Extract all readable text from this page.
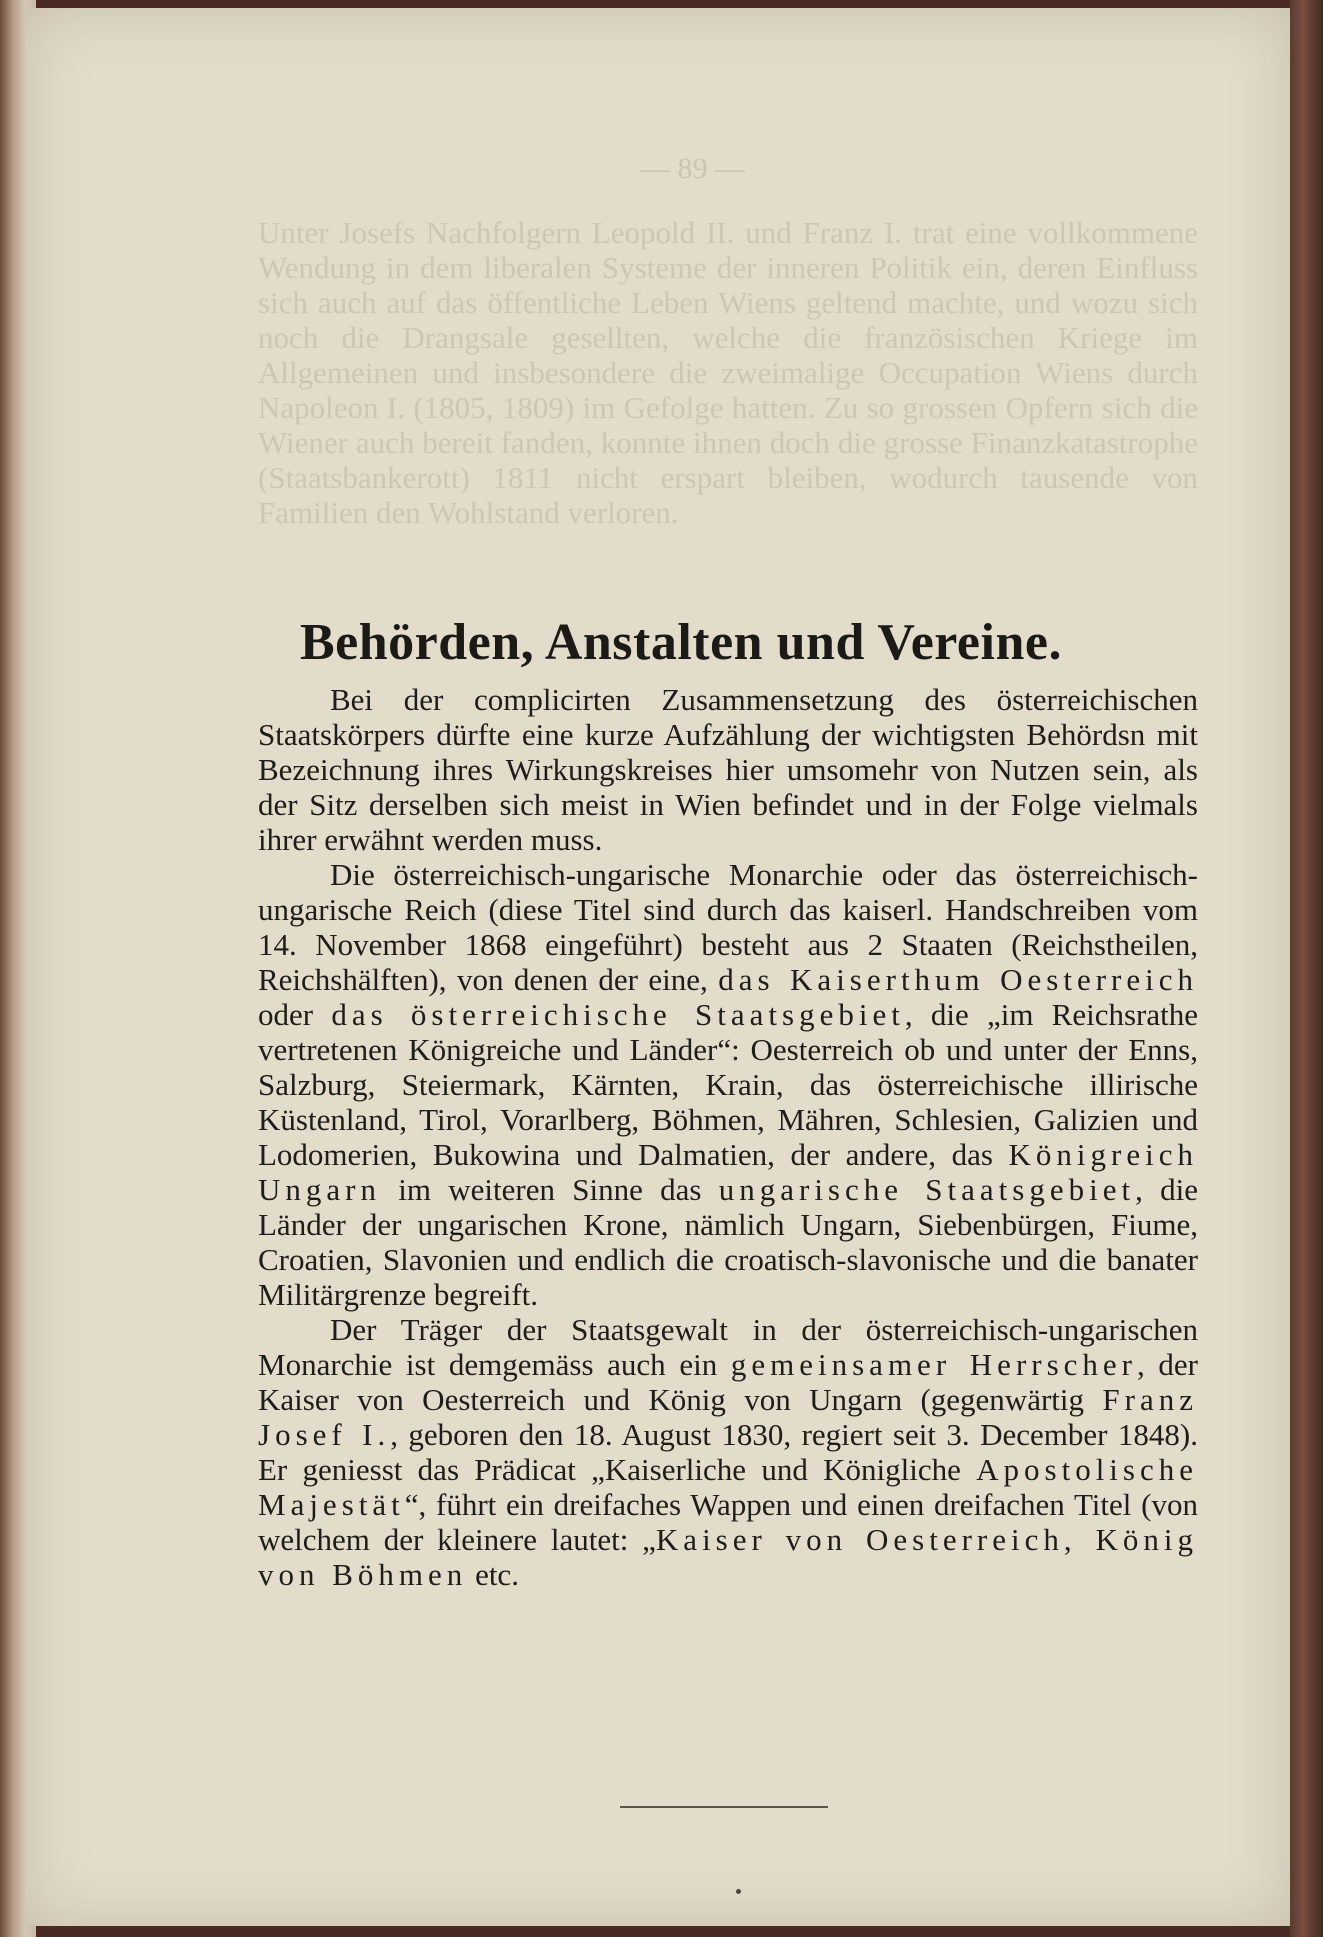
— 89 —
Unter Josefs Nachfolgern Leopold II. und Franz I. trat eine vollkommene Wendung in dem liberalen Systeme der inneren Politik ein, deren Einfluss sich auch auf das öffentliche Leben Wiens geltend machte, und wozu sich noch die Drangsale gesellten, welche die französischen Kriege im Allgemeinen und insbesondere die zweimalige Occupation Wiens durch Napoleon I. (1805, 1809) im Gefolge hatten. Zu so grossen Opfern sich die Wiener auch bereit fanden, konnte ihnen doch die grosse Finanzkatastrophe (Staatsbankerott) 1811 nicht erspart bleiben, wodurch tausende von Familien den Wohlstand verloren.
Behörden, Anstalten und Vereine.

Bei der complicirten Zusammensetzung des österreichischen Staatskörpers dürfte eine kurze Aufzählung der wichtigsten Behördsn mit Bezeichnung ihres Wirkungskreises hier umsomehr von Nutzen sein, als der Sitz derselben sich meist in Wien befindet und in der Folge vielmals ihrer erwähnt werden muss.

Die österreichisch-ungarische Monarchie oder das österreichisch-ungarische Reich (diese Titel sind durch das kaiserl. Handschreiben vom 14. November 1868 eingeführt) besteht aus 2 Staaten (Reichstheilen, Reichshälften), von denen der eine, das Kaiserthum Oesterreich oder das österreichische Staatsgebiet, die „im Reichsrathe vertretenen Königreiche und Länder“: Oesterreich ob und unter der Enns, Salzburg, Steiermark, Kärnten, Krain, das österreichische illirische Küstenland, Tirol, Vorarlberg, Böhmen, Mähren, Schlesien, Galizien und Lodomerien, Bukowina und Dalmatien, der andere, das Königreich Ungarn im weiteren Sinne das ungarische Staatsgebiet, die Länder der ungarischen Krone, nämlich Ungarn, Siebenbürgen, Fiume, Croatien, Slavonien und endlich die croatisch-slavonische und die banater Militärgrenze begreift.

Der Träger der Staatsgewalt in der österreichisch-ungarischen Monarchie ist demgemäss auch ein gemeinsamer Herrscher, der Kaiser von Oesterreich und König von Ungarn (gegenwärtig Franz Josef I., geboren den 18. August 1830, regiert seit 3. December 1848). Er geniesst das Prädicat „Kaiserliche und Königliche Apostolische Majestät“, führt ein dreifaches Wappen und einen dreifachen Titel (von welchem der kleinere lautet: „Kaiser von Oesterreich, König von Böhmen etc.
